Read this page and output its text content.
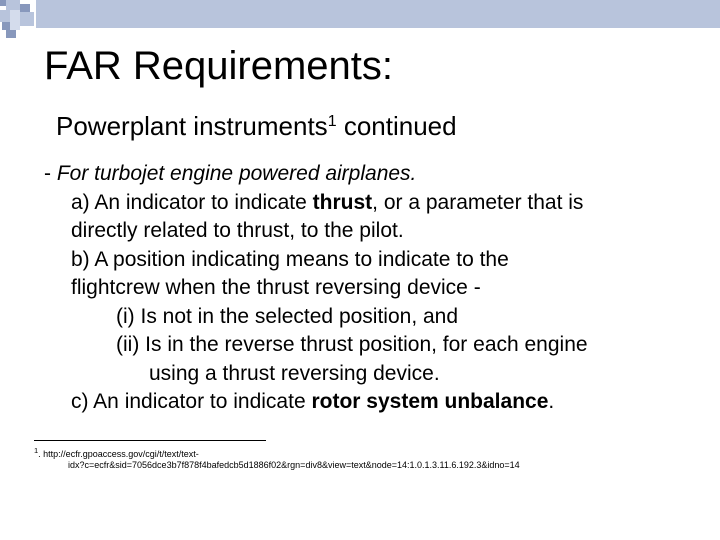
FAR Requirements:
Powerplant instruments$^1$ continued
- For turbojet engine powered airplanes.
a) An indicator to indicate thrust, or a parameter that is
directly related to thrust, to the pilot.
b) A position indicating means to indicate to the
flightcrew when the thrust reversing device -
(i) Is not in the selected position, and
(ii) Is in the reverse thrust position, for each engine
using a thrust reversing device.
c) An indicator to indicate rotor system unbalance.
$^1$. http://ecfr.gpoaccess.gov/cgi/t/text/text-
idx?c=ecfr&sid=7056dce3b7f878f4bafedcb5d1886f02&rgn=div8&view=text&node=14:1.0.1.3.11.6.192.3&idno=14
